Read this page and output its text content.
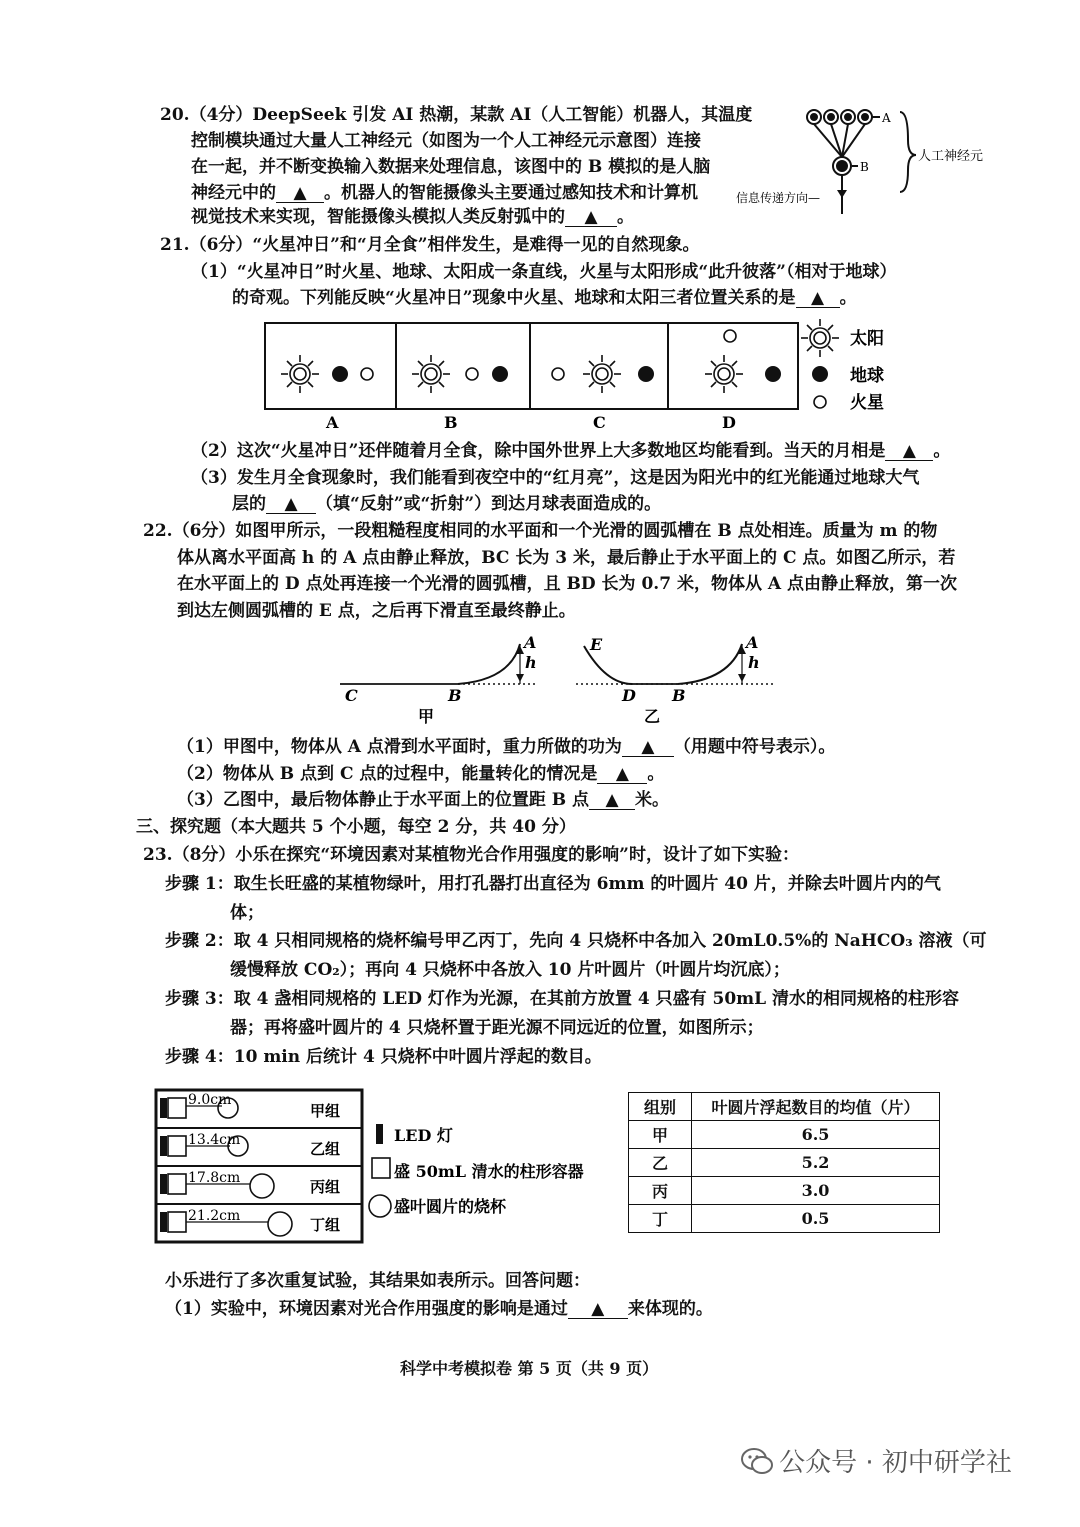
20.（4分）DeepSeek 引发 AI 热潮，某款 AI（人工智能）机器人，其温度
控制模块通过大量人工神经元（如图为一个人工神经元示意图）连接
在一起，并不断变换输入数据来处理信息，该图中的 B 模拟的是人脑
神经元中的 ▲ 。机器人的智能摄像头主要通过感知技术和计算机
视觉技术来实现，智能摄像头模拟人类反射弧中的 ▲ 。
A
B
人工神经元
信息传递方向—
21.（6分）“火星冲日”和“月全食”相伴发生，是难得一见的自然现象。
（1）“火星冲日”时火星、地球、太阳成一条直线，火星与太阳形成“此升彼落”（相对于地球）
的奇观。下列能反映“火星冲日”现象中火星、地球和太阳三者位置关系的是 ▲ 。
太阳
地球
火星
A	B	C	D
（2）这次“火星冲日”还伴随着月全食，除中国外世界上大多数地区均能看到。当天的月相是 ▲ 。
（3）发生月全食现象时，我们能看到夜空中的“红月亮”，这是因为阳光中的红光能通过地球大气
层的 ▲ （填“反射”或“折射”）到达月球表面造成的。
22.（6分）如图甲所示，一段粗糙程度相同的水平面和一个光滑的圆弧槽在 B 点处相连。质量为 m 的物
体从离水平面高 h 的 A 点由静止释放，BC 长为 3 米，最后静止于水平面上的 C 点。如图乙所示，若
在水平面上的 D 点处再连接一个光滑的圆弧槽，且 BD 长为 0.7 米，物体从 A 点由静止释放，第一次
到达左侧圆弧槽的 E 点，之后再下滑直至最终静止。
C	B
A
h
甲
E
D B
A
h
乙
（1）甲图中，物体从 A 点滑到水平面时，重力所做的功为 ▲ （用题中符号表示）。
（2）物体从 B 点到 C 点的过程中，能量转化的情况是 ▲ 。
（3）乙图中，最后物体静止于水平面上的位置距 B 点 ▲ 米。
三、探究题（本大题共 5 个小题，每空 2 分，共 40 分）
23.（8分）小乐在探究“环境因素对某植物光合作用强度的影响”时，设计了如下实验：
步骤 1：取生长旺盛的某植物绿叶，用打孔器打出直径为 6mm 的叶圆片 40 片，并除去叶圆片内的气
体；
步骤 2：取 4 只相同规格的烧杯编号甲乙丙丁，先向 4 只烧杯中各加入 20mL0.5%的 NaHCO₃ 溶液（可
缓慢释放 CO₂）；再向 4 只烧杯中各放入 10 片叶圆片（叶圆片均沉底）；
步骤 3：取 4 盏相同规格的 LED 灯作为光源，在其前方放置 4 只盛有 50mL 清水的相同规格的柱形容
器；再将盛叶圆片的 4 只烧杯置于距光源不同远近的位置，如图所示；
步骤 4：10 min 后统计 4 只烧杯中叶圆片浮起的数目。
9.0cm
甲组
13.4cm	乙组
17.8cm	丙组
21.2cm	丁组
LED 灯
盛 50mL 清水的柱形容器
盛叶圆片的烧杯
组别	叶圆片浮起数目的均值（片）
甲	6.5
乙	5.2
丙	3.0
丁	0.5
小乐进行了多次重复试验，其结果如表所示。回答问题：
（1）实验中，环境因素对光合作用强度的影响是通过 ▲ 来体现的。
科学中考模拟卷 第 5 页（共 9 页）
公众号 · 初中研学社
